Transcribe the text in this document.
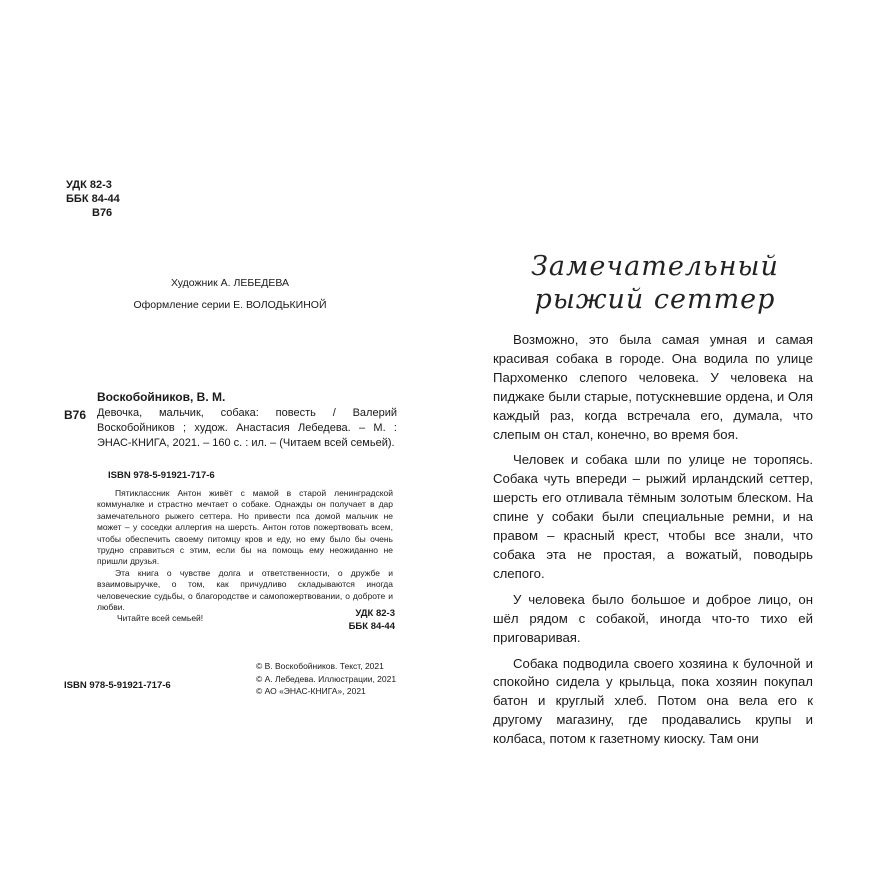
УДК 82-3
ББК 84-44
В76
Художник А. ЛЕБЕДЕВА
Оформление серии Е. ВОЛОДЬКИНОЙ
Воскобойников, В. М.
В76 Девочка, мальчик, собака: повесть / Валерий Воскобойников ; худож. Анастасия Лебедева. – М. : ЭНАС-КНИГА, 2021. – 160 с. : ил. – (Читаем всей семьей).
ISBN 978-5-91921-717-6

Пятиклассник Антон живёт с мамой в старой ленинградской коммуналке и страстно мечтает о собаке. Однажды он получает в дар замечательного рыжего сеттера. Но привести пса домой мальчик не может – у соседки аллергия на шерсть. Антон готов пожертвовать всем, чтобы обеспечить своему питомцу кров и еду, но ему было бы очень трудно справиться с этим, если бы на помощь ему неожиданно не пришли друзья.

Эта книга о чувстве долга и ответственности, о дружбе и взаимовыручке, о том, как причудливо складываются иногда человеческие судьбы, о благородстве и самопожертвовании, о доброте и любви.

Читайте всей семьей!	УДК 82-3
ББК 84-44
ISBN 978-5-91921-717-6
© В. Воскобойников. Текст, 2021
© А. Лебедева. Иллюстрации, 2021
© АО «ЭНАС-КНИГА», 2021
Замечательный
рыжий сеттер

Возможно, это была самая умная и самая красивая собака в городе. Она водила по улице Пархоменко слепого человека. У человека на пиджаке были старые, потускневшие ордена, и Оля каждый раз, когда встречала его, думала, что слепым он стал, конечно, во время боя.

Человек и собака шли по улице не торопясь. Собака чуть впереди – рыжий ирландский сеттер, шерсть его отливала тёмным золотым блеском. На спине у собаки были специальные ремни, и на правом – красный крест, чтобы все знали, что собака эта не простая, а вожатый, поводырь слепого.

У человека было большое и доброе лицо, он шёл рядом с собакой, иногда что-то тихо ей приговаривая.

Собака подводила своего хозяина к булочной и спокойно сидела у крыльца, пока хозяин покупал батон и круглый хлеб. Потом она вела его к другому магазину, где продавались крупы и колбаса, потом к газетному киоску. Там они
